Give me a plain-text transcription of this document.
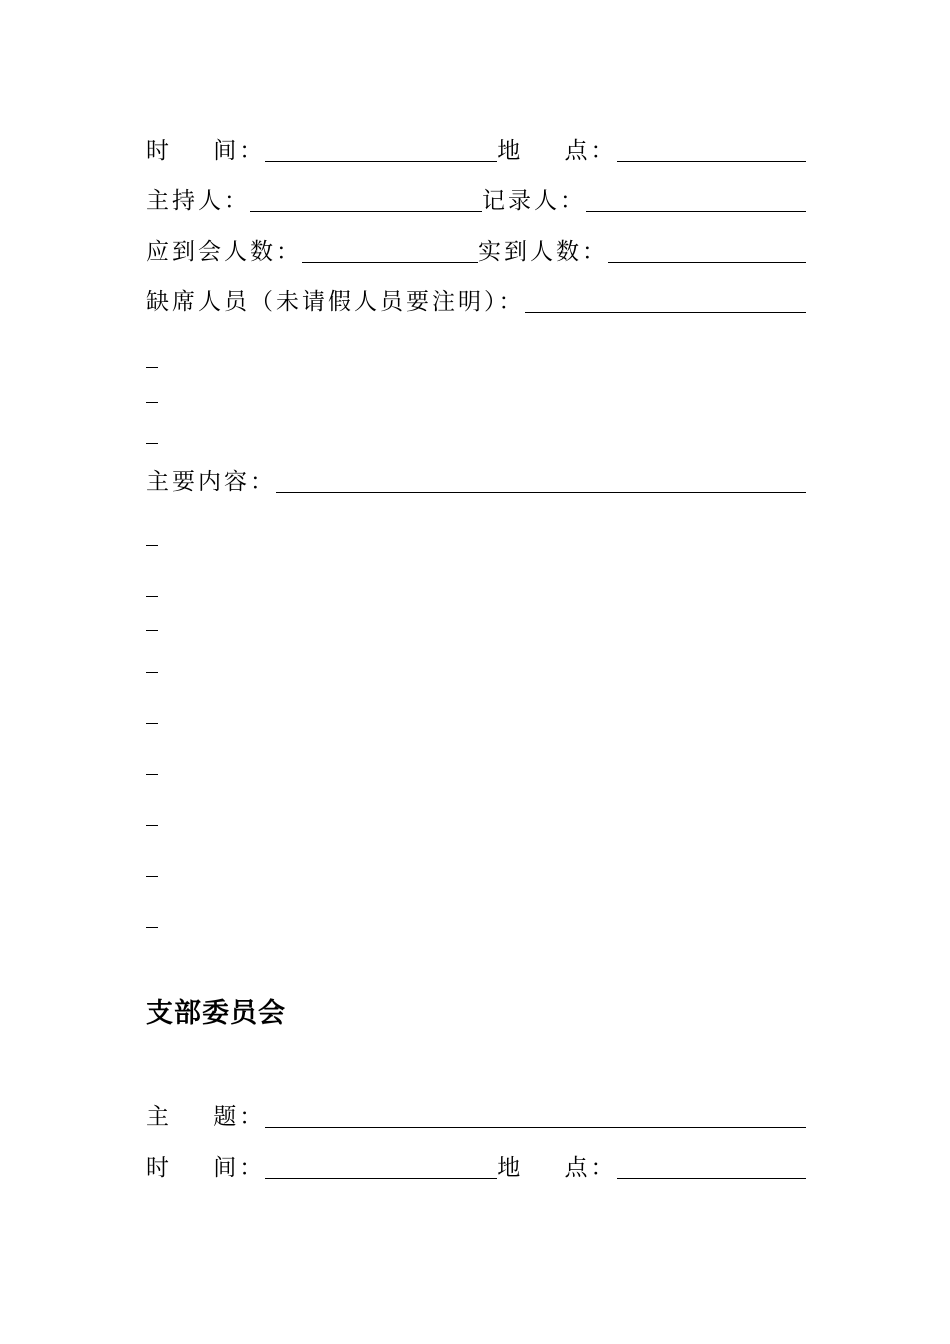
时    间：	地    点：
主持人：	记录人：
应到会人数：	实到人数：
缺席人员（未请假人员要注明）：
主要内容：
支部委员会
主    题：
时    间：	地    点：
